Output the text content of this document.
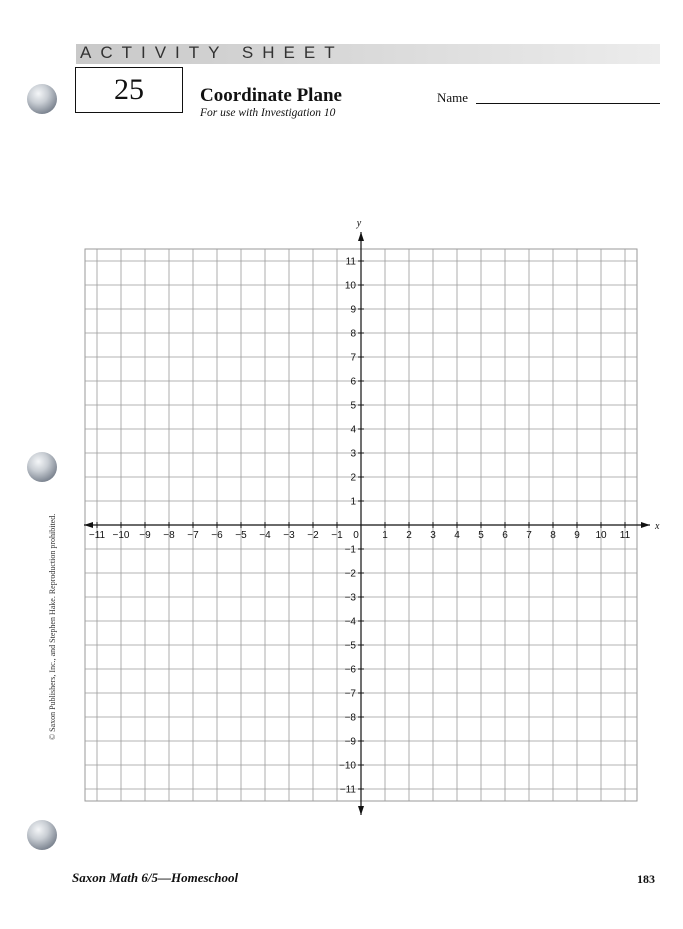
ACTIVITY SHEET
25	Coordinate Plane
For use with Investigation 10
Name
© Saxon Publishers, Inc., and Stephen Hake. Reproduction prohibited.	−11 −10 −9 −8 −7 −6 −5 −4 −3 −2 −1 0 1 2 3 4 5 6 7 8 9 10 11
11
10
9
8
7
6
5
4
3
2
1
−1
−2
−3
−4
−5
−6
−7
−8
−9
−10
−11
x
y
Saxon Math 6/5—Homeschool	183
